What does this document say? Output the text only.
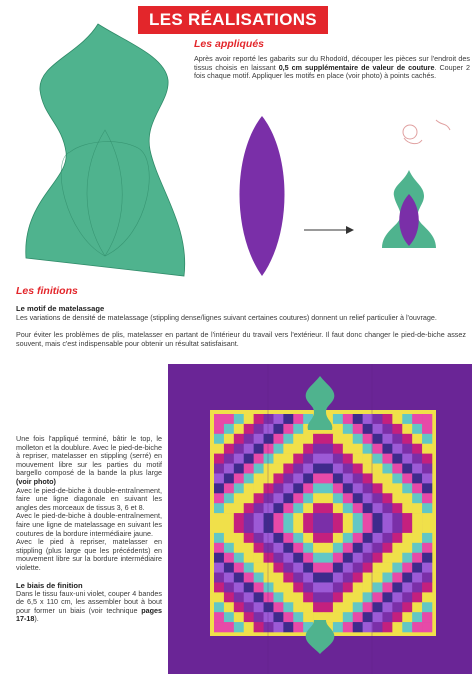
LES RÉALISATIONS
Les appliqués

Après avoir reporté les gabarits sur du Rhodoïd, découper les pièces sur l'endroit des tissus choisis en laissant 0,5 cm supplémentaire de valeur de couture. Couper 2 fois chaque motif. Appliquer les motifs en place (voir photo) à points cachés.

Les finitions
Le motif de matelassage

Les variations de densité de matelassage (stippling dense/lignes suivant certaines coutures) donnent un relief particulier à l'ouvrage.

Pour éviter les problèmes de plis, matelasser en partant de l'intérieur du travail vers l'extérieur. Il faut donc changer le pied-de-biche assez souvent, mais c'est indispensable pour obtenir un résultat satisfaisant.

Une fois l'appliqué terminé, bâtir le top, le molleton et la doublure. Avec le pied-de-biche à repriser, matelasser en stippling (serré) en mouvement libre sur les parties du motif bargello composé de la bande la plus large (voir photo)

Avec le pied-de-biche à double-entraînement, faire une ligne diagonale en suivant les angles des morceaux de tissus 3, 6 et 8.

Avec le pied-de-biche à double-entraînement, faire une ligne de matelassage en suivant les coutures de la bordure intermédiaire jaune.

Avec le pied à repriser, matelasser en stippling (plus large que les précédents) en mouvement libre sur la bordure intermédiaire violette.

Le biais de finition

Dans le tissu faux-uni violet, couper 4 bandes de 6,5 x 110 cm, les assembler bout à bout pour former un biais (voir technique pages 17-18).
